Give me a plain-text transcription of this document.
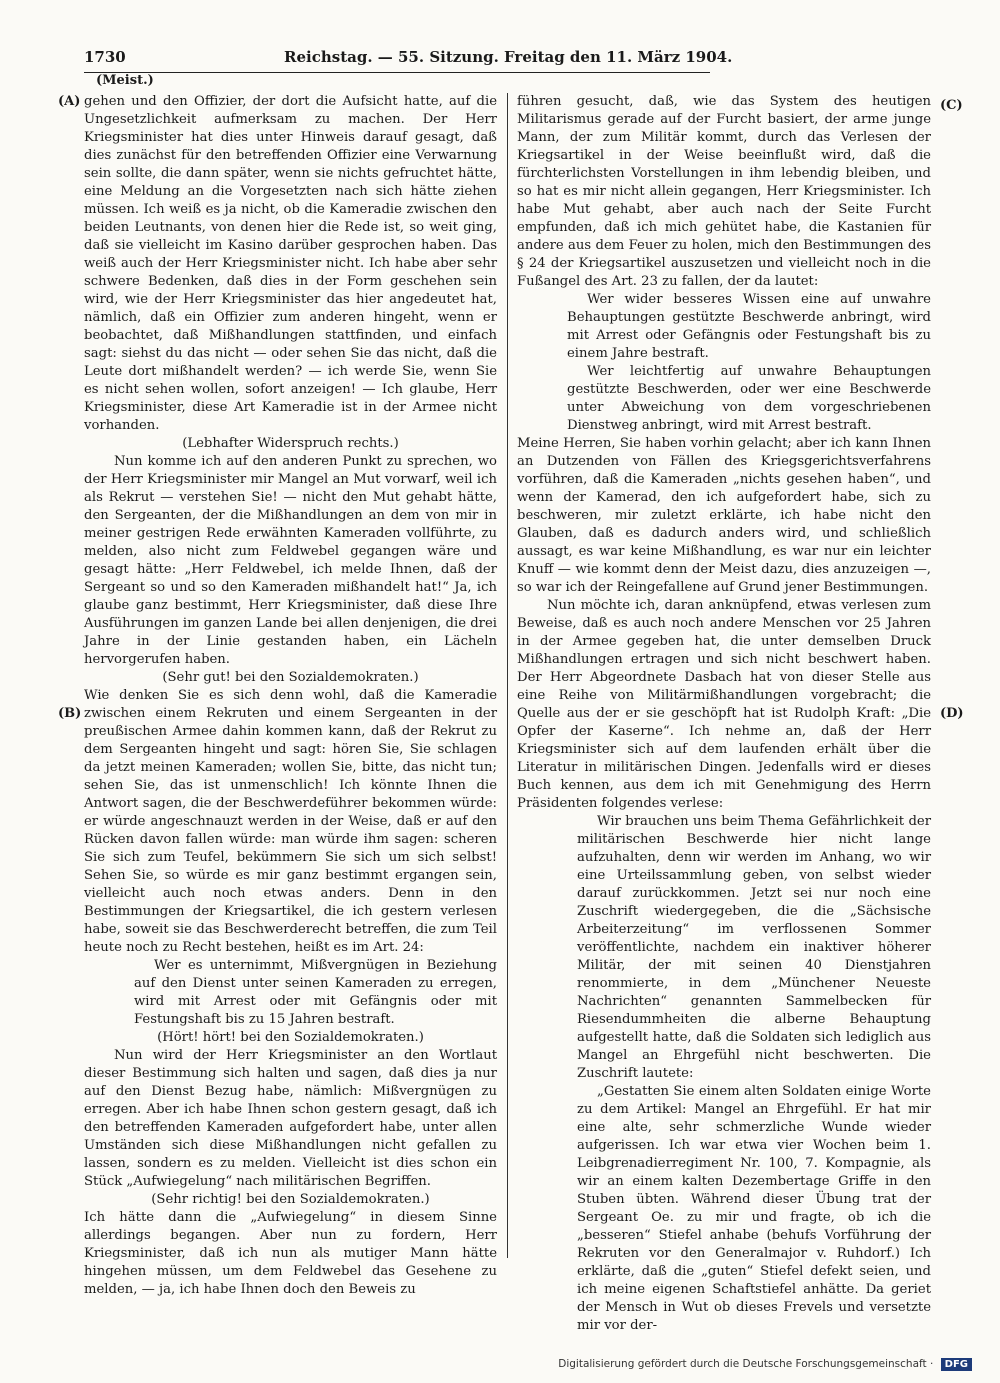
1730	Reichstag. — 55. Sitzung. Freitag den 11. März 1904.
(Meist.)
(A)
(B)
(C)
(D)

gehen und den Offizier, der dort die Aufsicht hatte, auf die Ungesetzlichkeit aufmerksam zu machen. Der Herr Kriegsminister hat dies unter Hinweis darauf gesagt, daß dies zunächst für den betreffenden Offizier eine Verwarnung sein sollte, die dann später, wenn sie nichts gefruchtet hätte, eine Meldung an die Vorgesetzten nach sich hätte ziehen müssen. Ich weiß es ja nicht, ob die Kameradie zwischen den beiden Leutnants, von denen hier die Rede ist, so weit ging, daß sie vielleicht im Kasino darüber gesprochen haben. Das weiß auch der Herr Kriegsminister nicht. Ich habe aber sehr schwere Bedenken, daß dies in der Form geschehen sein wird, wie der Herr Kriegsminister das hier angedeutet hat, nämlich, daß ein Offizier zum anderen hingeht, wenn er beobachtet, daß Mißhandlungen stattfinden, und einfach sagt: siehst du das nicht — oder sehen Sie das nicht, daß die Leute dort mißhandelt werden? — ich werde Sie, wenn Sie es nicht sehen wollen, sofort anzeigen! — Ich glaube, Herr Kriegsminister, diese Art Kameradie ist in der Armee nicht vorhanden.

(Lebhafter Widerspruch rechts.)

Nun komme ich auf den anderen Punkt zu sprechen, wo der Herr Kriegsminister mir Mangel an Mut vorwarf, weil ich als Rekrut — verstehen Sie! — nicht den Mut gehabt hätte, den Sergeanten, der die Mißhandlungen an dem von mir in meiner gestrigen Rede erwähnten Kameraden vollführte, zu melden, also nicht zum Feldwebel gegangen wäre und gesagt hätte: „Herr Feldwebel, ich melde Ihnen, daß der Sergeant so und so den Kameraden mißhandelt hat!“ Ja, ich glaube ganz bestimmt, Herr Kriegsminister, daß diese Ihre Ausführungen im ganzen Lande bei allen denjenigen, die drei Jahre in der Linie gestanden haben, ein Lächeln hervorgerufen haben.

(Sehr gut! bei den Sozialdemokraten.)

Wie denken Sie es sich denn wohl, daß die Kameradie zwischen einem Rekruten und einem Sergeanten in der preußischen Armee dahin kommen kann, daß der Rekrut zu dem Sergeanten hingeht und sagt: hören Sie, Sie schlagen da jetzt meinen Kameraden; wollen Sie, bitte, das nicht tun; sehen Sie, das ist unmenschlich! Ich könnte Ihnen die Antwort sagen, die der Beschwerdeführer bekommen würde: er würde angeschnauzt werden in der Weise, daß er auf den Rücken davon fallen würde: man würde ihm sagen: scheren Sie sich zum Teufel, bekümmern Sie sich um sich selbst! Sehen Sie, so würde es mir ganz bestimmt ergangen sein, vielleicht auch noch etwas anders. Denn in den Bestimmungen der Kriegsartikel, die ich gestern verlesen habe, soweit sie das Beschwerderecht betreffen, die zum Teil heute noch zu Recht bestehen, heißt es im Art. 24:

Wer es unternimmt, Mißvergnügen in Beziehung auf den Dienst unter seinen Kameraden zu erregen, wird mit Arrest oder mit Gefängnis oder mit Festungshaft bis zu 15 Jahren bestraft.

(Hört! hört! bei den Sozialdemokraten.)

Nun wird der Herr Kriegsminister an den Wortlaut dieser Bestimmung sich halten und sagen, daß dies ja nur auf den Dienst Bezug habe, nämlich: Mißvergnügen zu erregen. Aber ich habe Ihnen schon gestern gesagt, daß ich den betreffenden Kameraden aufgefordert habe, unter allen Umständen sich diese Mißhandlungen nicht gefallen zu lassen, sondern es zu melden. Vielleicht ist dies schon ein Stück „Aufwiegelung“ nach militärischen Begriffen.

(Sehr richtig! bei den Sozialdemokraten.)

Ich hätte dann die „Aufwiegelung“ in diesem Sinne allerdings begangen. Aber nun zu fordern, Herr Kriegsminister, daß ich nun als mutiger Mann hätte hingehen müssen, um dem Feldwebel das Gesehene zu melden, — ja, ich habe Ihnen doch den Beweis zu

führen gesucht, daß, wie das System des heutigen Militarismus gerade auf der Furcht basiert, der arme junge Mann, der zum Militär kommt, durch das Verlesen der Kriegsartikel in der Weise beeinflußt wird, daß die fürchterlichsten Vorstellungen in ihm lebendig bleiben, und so hat es mir nicht allein gegangen, Herr Kriegsminister. Ich habe Mut gehabt, aber auch nach der Seite Furcht empfunden, daß ich mich gehütet habe, die Kastanien für andere aus dem Feuer zu holen, mich den Bestimmungen des § 24 der Kriegsartikel auszusetzen und vielleicht noch in die Fußangel des Art. 23 zu fallen, der da lautet:

Wer wider besseres Wissen eine auf unwahre Behauptungen gestützte Beschwerde anbringt, wird mit Arrest oder Gefängnis oder Festungshaft bis zu einem Jahre bestraft.

Wer leichtfertig auf unwahre Behauptungen gestützte Beschwerden, oder wer eine Beschwerde unter Abweichung von dem vorgeschriebenen Dienstweg anbringt, wird mit Arrest bestraft.

Meine Herren, Sie haben vorhin gelacht; aber ich kann Ihnen an Dutzenden von Fällen des Kriegsgerichtsverfahrens vorführen, daß die Kameraden „nichts gesehen haben“, und wenn der Kamerad, den ich aufgefordert habe, sich zu beschweren, mir zuletzt erklärte, ich habe nicht den Glauben, daß es dadurch anders wird, und schließlich aussagt, es war keine Mißhandlung, es war nur ein leichter Knuff — wie kommt denn der Meist dazu, dies anzuzeigen —, so war ich der Reingefallene auf Grund jener Bestimmungen.

Nun möchte ich, daran anknüpfend, etwas verlesen zum Beweise, daß es auch noch andere Menschen vor 25 Jahren in der Armee gegeben hat, die unter demselben Druck Mißhandlungen ertragen und sich nicht beschwert haben. Der Herr Abgeordnete Dasbach hat von dieser Stelle aus eine Reihe von Militärmißhandlungen vorgebracht; die Quelle aus der er sie geschöpft hat ist Rudolph Kraft: „Die Opfer der Kaserne“. Ich nehme an, daß der Herr Kriegsminister sich auf dem laufenden erhält über die Literatur in militärischen Dingen. Jedenfalls wird er dieses Buch kennen, aus dem ich mit Genehmigung des Herrn Präsidenten folgendes verlese:

Wir brauchen uns beim Thema Gefährlichkeit der militärischen Beschwerde hier nicht lange aufzuhalten, denn wir werden im Anhang, wo wir eine Urteilssammlung geben, von selbst wieder darauf zurückkommen. Jetzt sei nur noch eine Zuschrift wiedergegeben, die die „Sächsische Arbeiterzeitung“ im verflossenen Sommer veröffentlichte, nachdem ein inaktiver höherer Militär, der mit seinen 40 Dienstjahren renommierte, in dem „Münchener Neueste Nachrichten“ genannten Sammelbecken für Riesendummheiten die alberne Behauptung aufgestellt hatte, daß die Soldaten sich lediglich aus Mangel an Ehrgefühl nicht beschwerten. Die Zuschrift lautete:

„Gestatten Sie einem alten Soldaten einige Worte zu dem Artikel: Mangel an Ehrgefühl. Er hat mir eine alte, sehr schmerzliche Wunde wieder aufgerissen. Ich war etwa vier Wochen beim 1. Leibgrenadierregiment Nr. 100, 7. Kompagnie, als wir an einem kalten Dezembertage Griffe in den Stuben übten. Während dieser Übung trat der Sergeant Oe. zu mir und fragte, ob ich die „besseren“ Stiefel anhabe (behufs Vorführung der Rekruten vor den Generalmajor v. Ruhdorf.) Ich erklärte, daß die „guten“ Stiefel defekt seien, und ich meine eigenen Schaftstiefel anhätte. Da geriet der Mensch in Wut ob dieses Frevels und versetzte mir vor der-

Digitalisierung gefördert durch die Deutsche Forschungsgemeinschaft · DFG
